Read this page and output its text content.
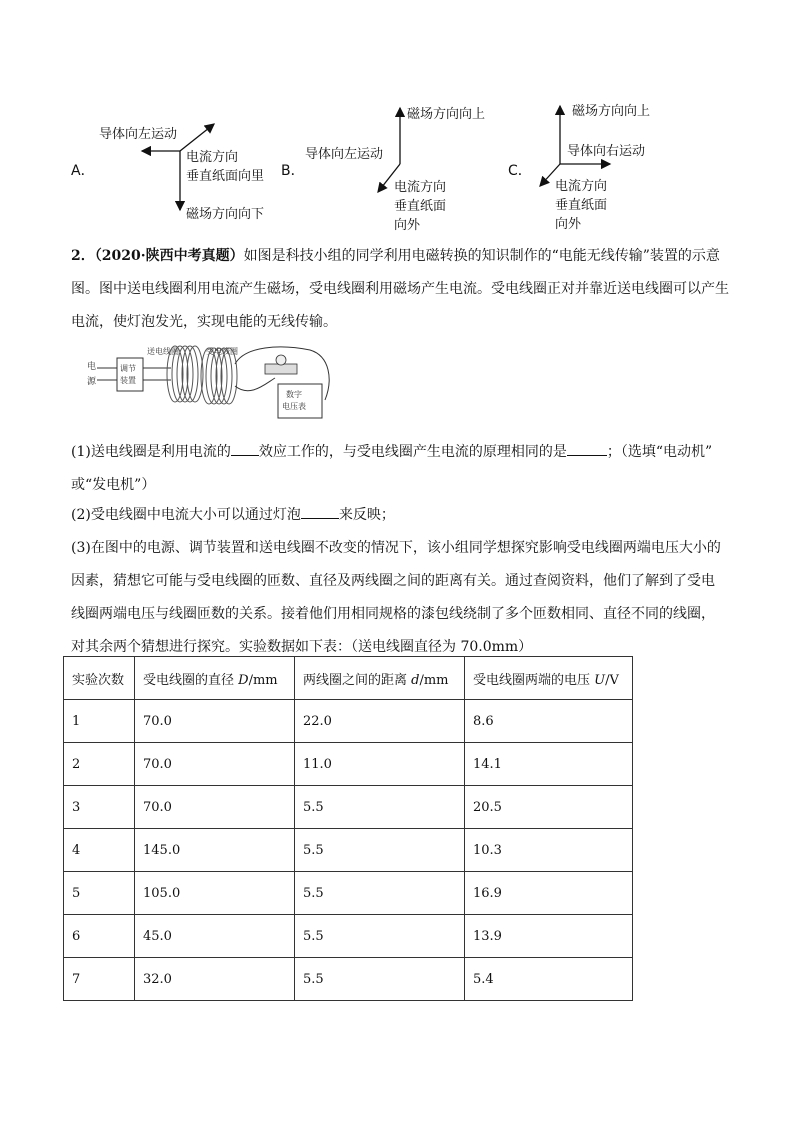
A．
导体向左运动
电流方向
垂直纸面向里
磁场方向向下
B．
磁场方向向上
导体向左运动
电流方向
垂直纸面
向外
C．
磁场方向向上
导体向右运动
电流方向
垂直纸面
向外
2．（2020·陕西中考真题）如图是科技小组的同学利用电磁转换的知识制作的“电能无线传输”装置的示意
图。图中送电线圈利用电流产生磁场，受电线圈利用磁场产生电流。受电线圈正对并靠近送电线圈可以产生
电流，使灯泡发光，实现电能的无线传输。
电
源
调节
装置
送电线圈	受电线圈
数字
电压表
(1)送电线圈是利用电流的 效应工作的，与受电线圈产生电流的原理相同的是	；（选填“电动机”
或“发电机”）
(2)受电线圈中电流大小可以通过灯泡	来反映；
(3)在图中的电源、调节装置和送电线圈不改变的情况下，该小组同学想探究影响受电线圈两端电压大小的
因素，猜想它可能与受电线圈的匝数、直径及两线圈之间的距离有关。通过查阅资料，他们了解到了受电
线圈两端电压与线圈匝数的关系。接着他们用相同规格的漆包线绕制了多个匝数相同、直径不同的线圈，
对其余两个猜想进行探究。实验数据如下表：（送电线圈直径为 70.0mm）
实验次数	受电线圈的直径 D/mm	两线圈之间的距离 d/mm	受电线圈两端的电压 U/V
1	70.0	22.0	8.6
2	70.0	11.0	14.1
3	70.0	5.5	20.5
4	145.0	5.5	10.3
5	105.0	5.5	16.9
6	45.0	5.5	13.9
7	32.0	5.5	5.4
